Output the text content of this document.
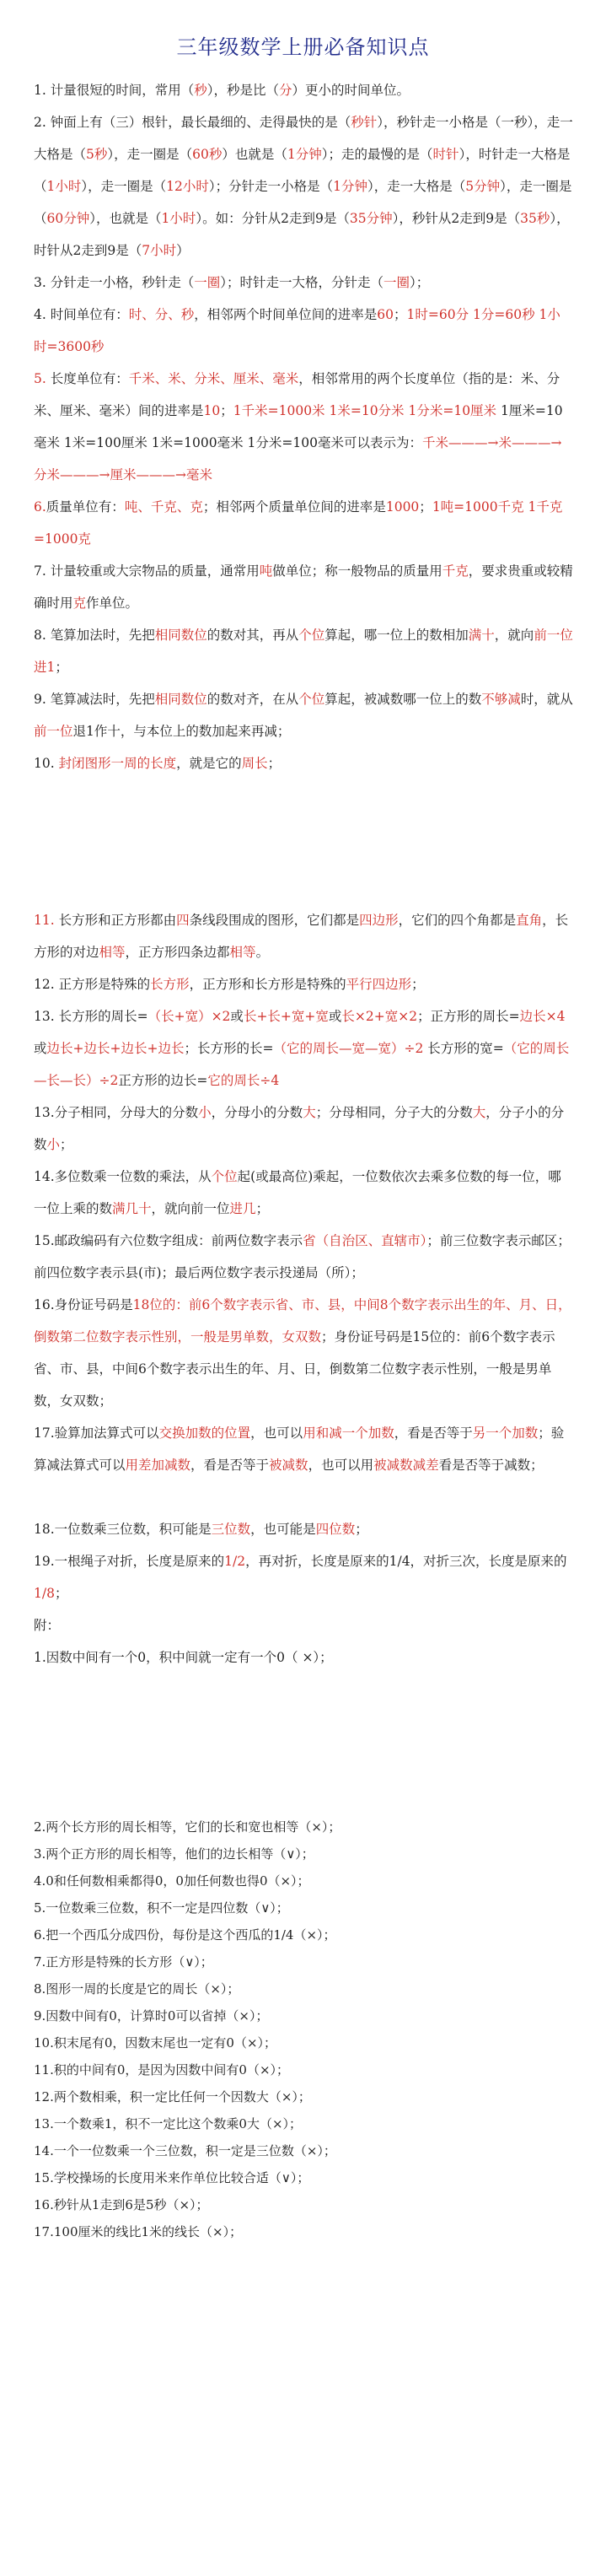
三年级数学上册必备知识点

1. 计量很短的时间，常用（秒），秒是比（分）更小的时间单位。

2. 钟面上有（三）根针，最长最细的、走得最快的是（秒针），秒针走一小格是（一秒），走一大格是（5秒），走一圈是（60秒）也就是（1分钟）；走的最慢的是（时针），时针走一大格是（1小时），走一圈是（12小时）；分针走一小格是（1分钟），走一大格是（5分钟），走一圈是（60分钟），也就是（1小时）。如：分针从2走到9是（35分钟），秒针从2走到9是（35秒），时针从2走到9是（7小时）

3. 分针走一小格，秒针走（一圈）；时针走一大格，分针走（一圈）；

4. 时间单位有：时、分、秒，相邻两个时间单位间的进率是60；1时=60分 1分=60秒 1小时=3600秒

5. 长度单位有：千米、米、分米、厘米、毫米，相邻常用的两个长度单位（指的是：米、分米、厘米、毫米）间的进率是10；1千米=1000米 1米=10分米 1分米=10厘米 1厘米=10毫米 1米=100厘米 1米=1000毫米 1分米=100毫米可以表示为：千米———→米———→分米———→厘米———→毫米

6.质量单位有：吨、千克、克；相邻两个质量单位间的进率是1000；1吨=1000千克 1千克=1000克

7. 计量较重或大宗物品的质量，通常用吨做单位；称一般物品的质量用千克，要求贵重或较精确时用克作单位。

8. 笔算加法时，先把相同数位的数对其，再从个位算起，哪一位上的数相加满十，就向前一位进1；

9. 笔算减法时，先把相同数位的数对齐，在从个位算起，被减数哪一位上的数不够减时，就从前一位退1作十，与本位上的数加起来再减；

10. 封闭图形一周的长度，就是它的周长；

11. 长方形和正方形都由四条线段围成的图形，它们都是四边形，它们的四个角都是直角，长方形的对边相等，正方形四条边都相等。

12. 正方形是特殊的长方形，正方形和长方形是特殊的平行四边形；

13. 长方形的周长=（长+宽）×2或长+长+宽+宽或长×2+宽×2；正方形的周长=边长×4或边长+边长+边长+边长；长方形的长=（它的周长—宽—宽）÷2 长方形的宽=（它的周长—长—长）÷2正方形的边长=它的周长÷4

13.分子相同，分母大的分数小，分母小的分数大；分母相同，分子大的分数大，分子小的分数小；

14.多位数乘一位数的乘法，从个位起(或最高位)乘起，一位数依次去乘多位数的每一位，哪一位上乘的数满几十，就向前一位进几；

15.邮政编码有六位数字组成：前两位数字表示省（自治区、直辖市）；前三位数字表示邮区；前四位数字表示县(市)；最后两位数字表示投递局（所）；

16.身份证号码是18位的：前6个数字表示省、市、县，中间8个数字表示出生的年、月、日，倒数第二位数字表示性别，一般是男单数，女双数；身份证号码是15位的：前6个数字表示省、市、县，中间6个数字表示出生的年、月、日，倒数第二位数字表示性别，一般是男单数，女双数；

17.验算加法算式可以交换加数的位置，也可以用和减一个加数，看是否等于另一个加数；验算减法算式可以用差加减数，看是否等于被减数，也可以用被减数减差看是否等于减数；

18.一位数乘三位数，积可能是三位数，也可能是四位数；

19.一根绳子对折，长度是原来的1/2，再对折，长度是原来的1/4，对折三次，长度是原来的1/8；

附：

1.因数中间有一个0，积中间就一定有一个0（ ×）；

2.两个长方形的周长相等，它们的长和宽也相等（×）；
3.两个正方形的周长相等，他们的边长相等（∨）；
4.0和任何数相乘都得0，0加任何数也得0（×）；
5.一位数乘三位数，积不一定是四位数（∨）；
6.把一个西瓜分成四份，每份是这个西瓜的1/4（×）；
7.正方形是特殊的长方形（∨）；
8.图形一周的长度是它的周长（×）；
9.因数中间有0，计算时0可以省掉（×）；
10.积末尾有0，因数末尾也一定有0（×）；
11.积的中间有0，是因为因数中间有0（×）；
12.两个数相乘，积一定比任何一个因数大（×）；
13.一个数乘1，积不一定比这个数乘0大（×）；
14.一个一位数乘一个三位数，积一定是三位数（×）；
15.学校操场的长度用米来作单位比较合适（∨）；
16.秒针从1走到6是5秒（×）；
17.100厘米的线比1米的线长（×）；
